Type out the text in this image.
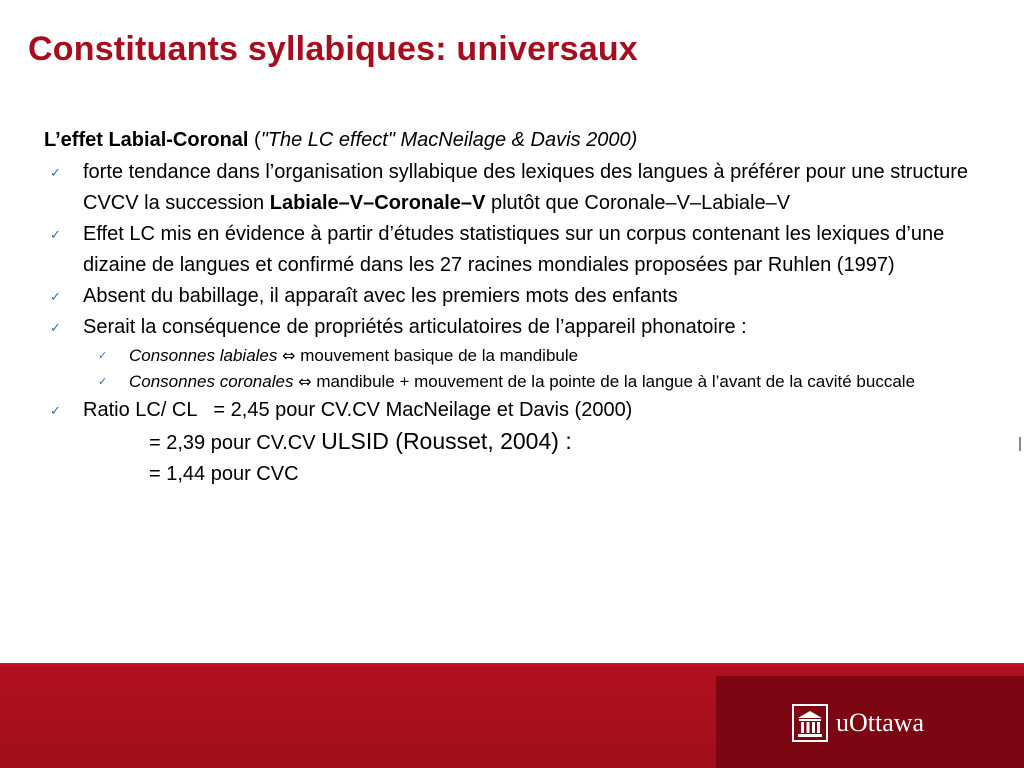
Constituants syllabiques: universaux
L’effet Labial-Coronal ("The LC effect" MacNeilage & Davis 2000)
✓ forte tendance dans l’organisation syllabique des lexiques des langues à préférer pour une structure CVCV la succession Labiale–V–Coronale–V plutôt que Coronale–V–Labiale–V
✓ Effet LC mis en évidence à partir d’études statistiques sur un corpus contenant les lexiques d’une dizaine de langues et confirmé dans les 27 racines mondiales proposées par Ruhlen (1997)
✓ Absent du babillage, il apparaît avec les premiers mots des enfants
✓ Serait la conséquence de propriétés articulatoires de l’appareil phonatoire :
✓ Consonnes labiales ⇔ mouvement basique de la mandibule
✓ Consonnes coronales ⇔ mandibule + mouvement de la pointe de la langue à l’avant de la cavité buccale
✓ Ratio LC/ CL   = 2,45 pour CV.CV MacNeilage et Davis (2000)
= 2,39 pour CV.CV ULSID (Rousset, 2004) :
= 1,44 pour CVC
uOttawa
